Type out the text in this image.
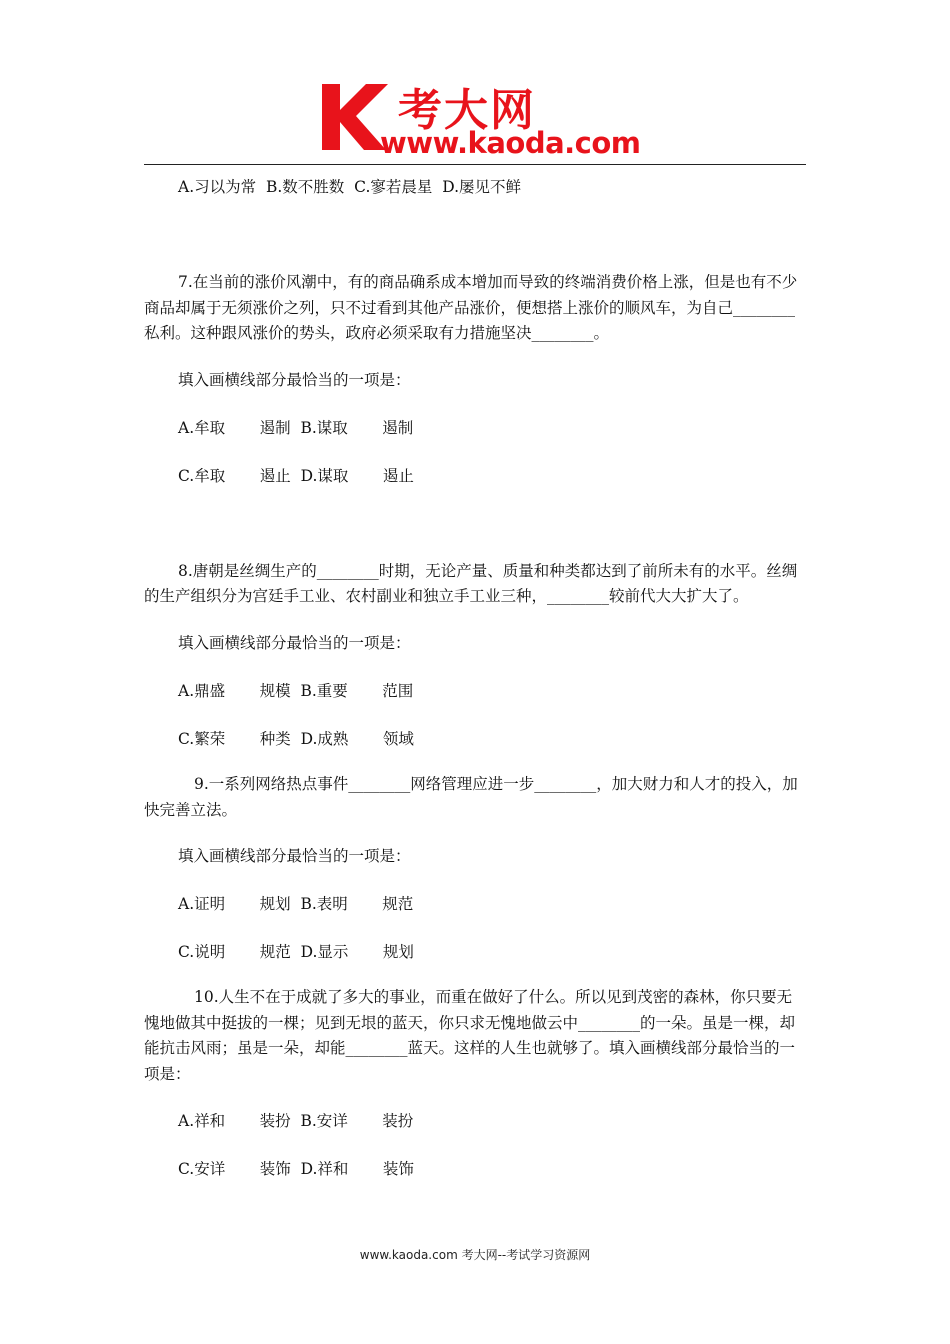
考大网
www.kaoda.com

A.习以为常  B.数不胜数  C.寥若晨星  D.屡见不鲜

7.在当前的涨价风潮中，有的商品确系成本增加而导致的终端消费价格上涨，但是也有不少商品却属于无须涨价之列，只不过看到其他产品涨价，便想搭上涨价的顺风车，为自己________私利。这种跟风涨价的势头，政府必须采取有力措施坚决________。

填入画横线部分最恰当的一项是：

A.牟取       遏制  B.谋取       遏制

C.牟取       遏止  D.谋取       遏止

8.唐朝是丝绸生产的________时期，无论产量、质量和种类都达到了前所未有的水平。丝绸的生产组织分为宫廷手工业、农村副业和独立手工业三种，________较前代大大扩大了。

填入画横线部分最恰当的一项是：

A.鼎盛       规模  B.重要       范围

C.繁荣       种类  D.成熟       领域

9.一系列网络热点事件________网络管理应进一步________，加大财力和人才的投入，加快完善立法。

填入画横线部分最恰当的一项是：

A.证明       规划  B.表明       规范

C.说明       规范  D.显示       规划

10.人生不在于成就了多大的事业，而重在做好了什么。所以见到茂密的森林，你只要无愧地做其中挺拔的一棵；见到无垠的蓝天，你只求无愧地做云中________的一朵。虽是一棵，却能抗击风雨；虽是一朵，却能________蓝天。这样的人生也就够了。填入画横线部分最恰当的一项是：

A.祥和       装扮  B.安详       装扮

C.安详       装饰  D.祥和       装饰

www.kaoda.com 考大网--考试学习资源网
